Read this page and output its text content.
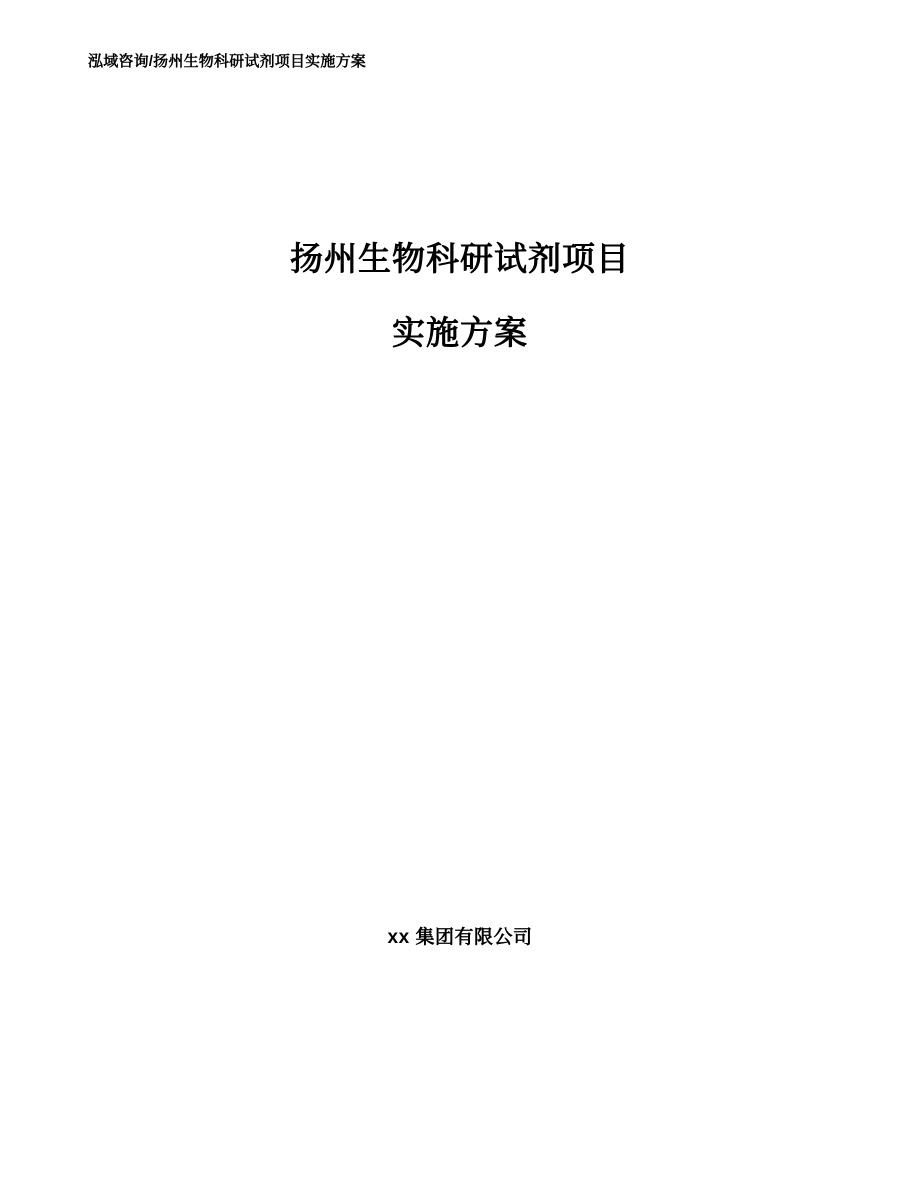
泓域咨询/扬州生物科研试剂项目实施方案
扬州生物科研试剂项目
实施方案
xx 集团有限公司
